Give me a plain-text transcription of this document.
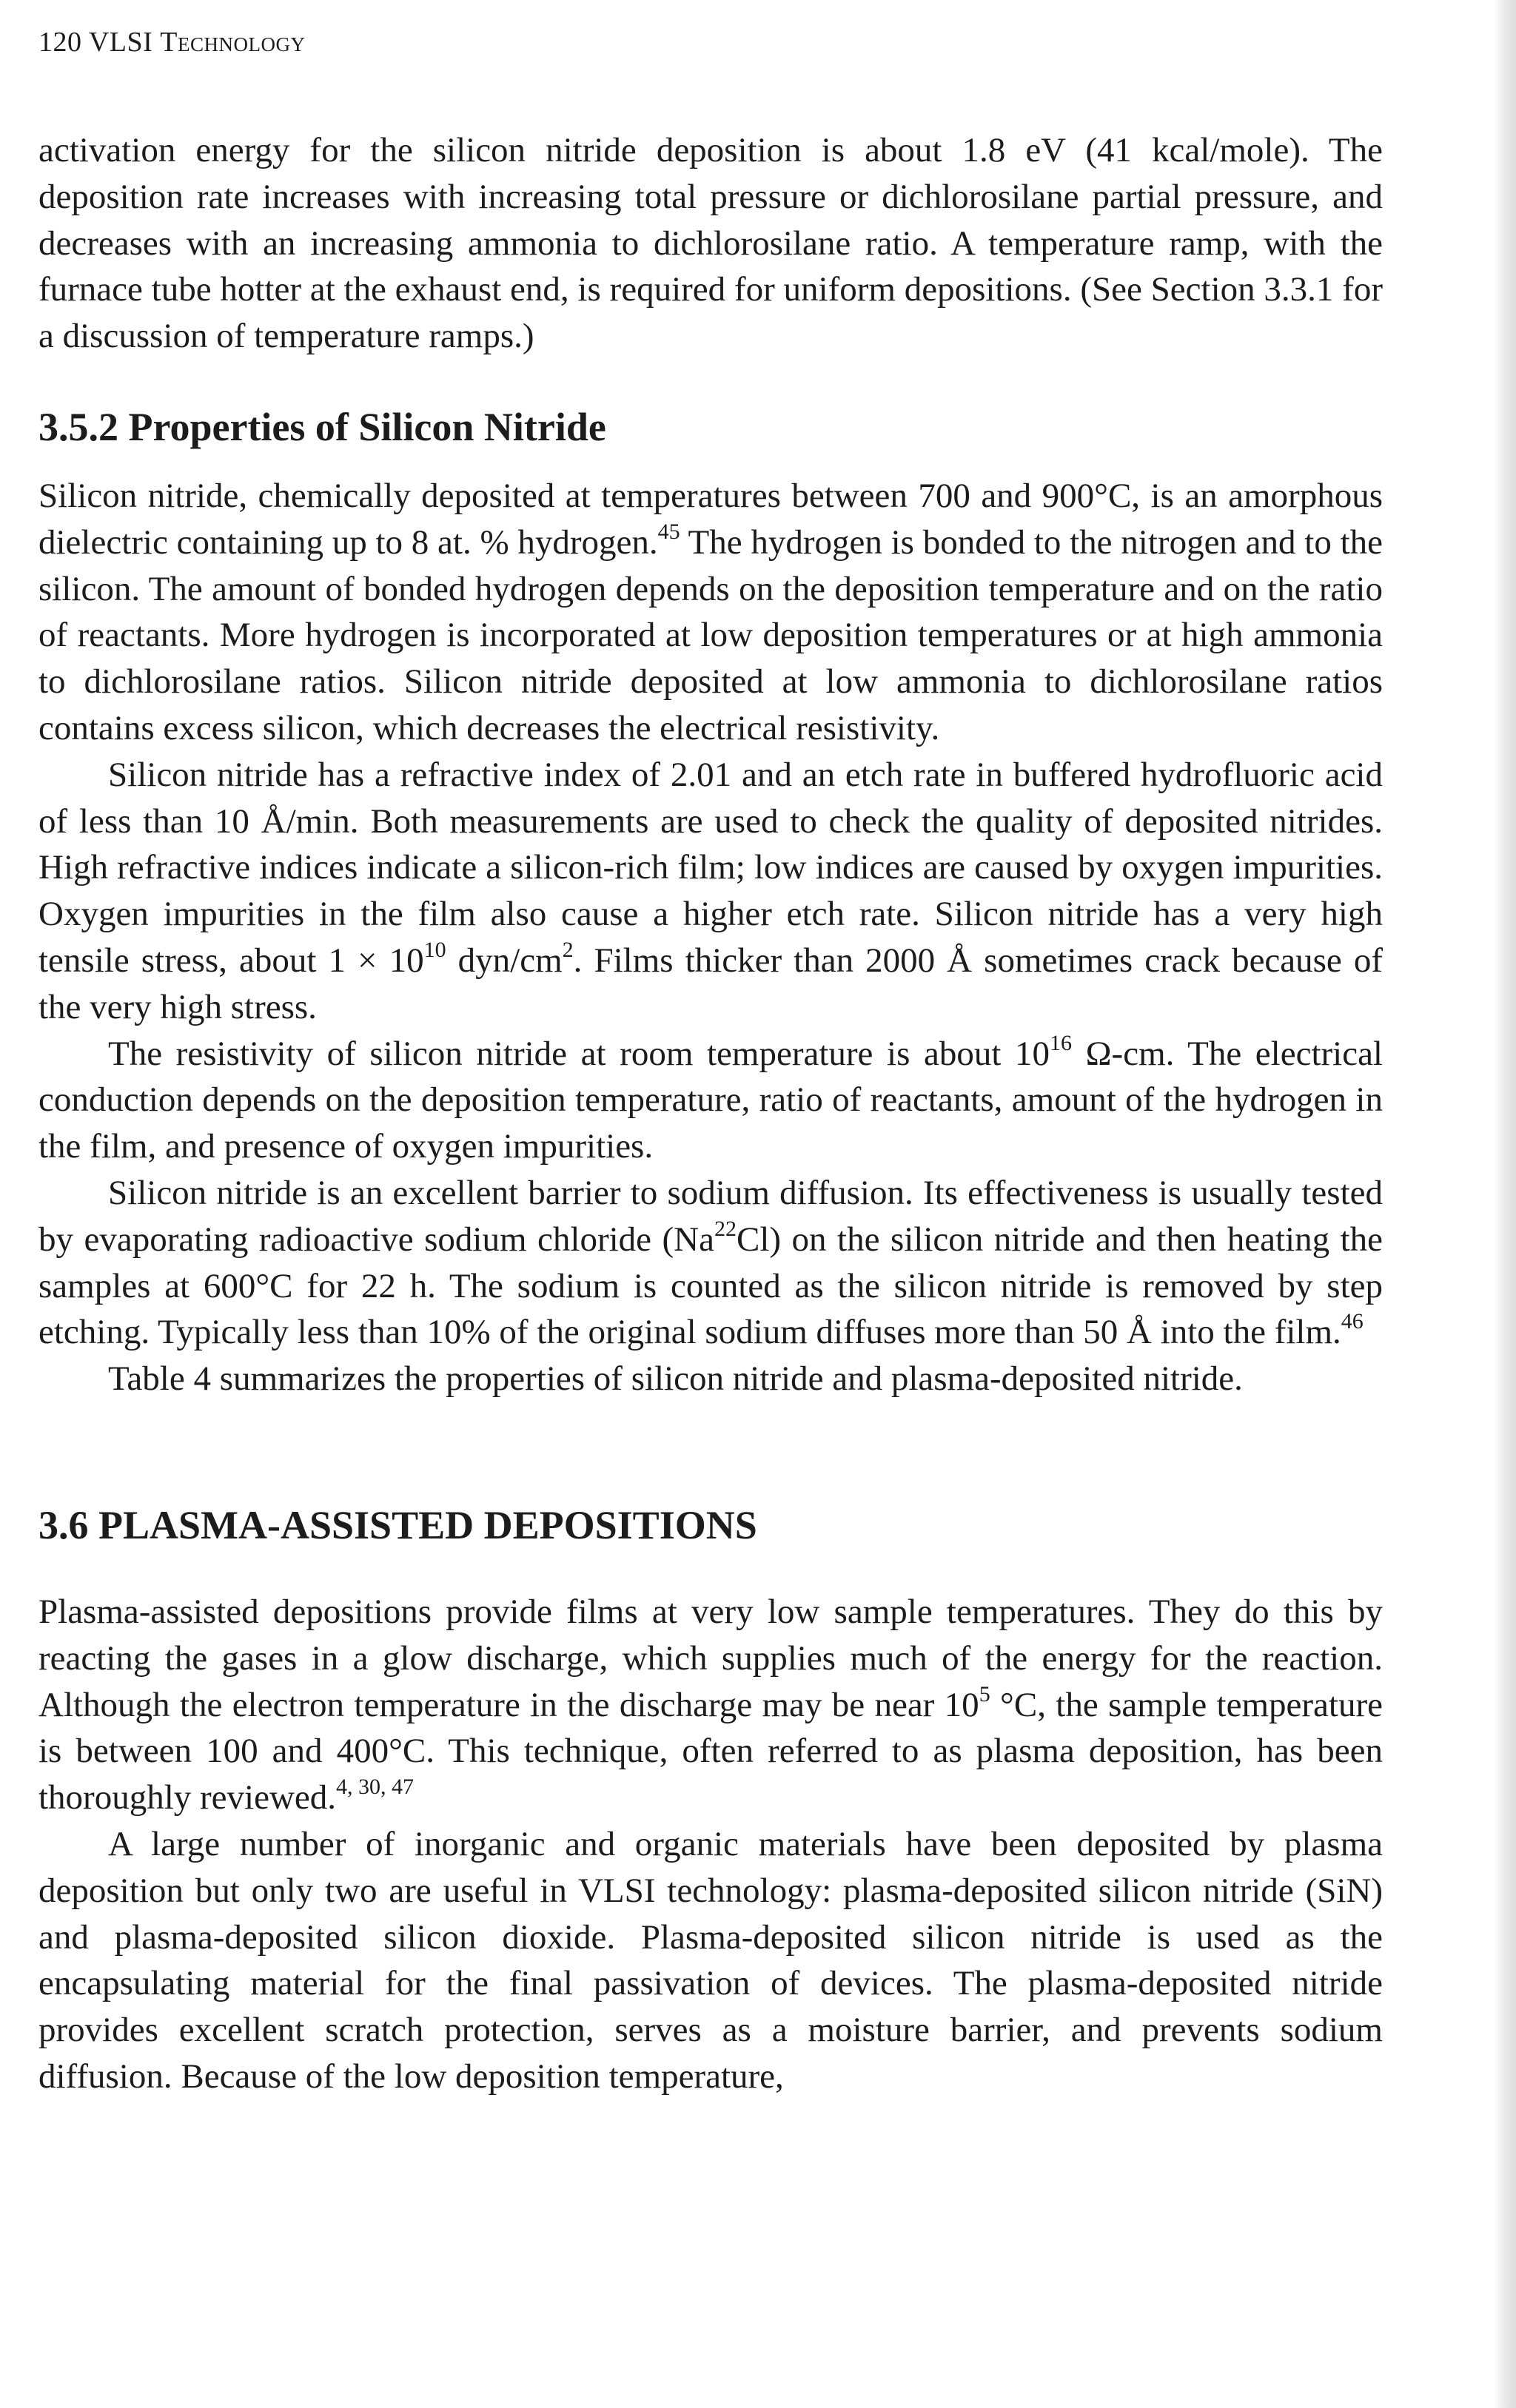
120 VLSI Technology

activation energy for the silicon nitride deposition is about 1.8 eV (41 kcal/mole). The deposition rate increases with increasing total pressure or dichlorosilane partial pressure, and decreases with an increasing ammonia to dichlorosilane ratio. A temperature ramp, with the furnace tube hotter at the exhaust end, is required for uniform depositions. (See Section 3.3.1 for a discussion of temperature ramps.)

3.5.2 Properties of Silicon Nitride

Silicon nitride, chemically deposited at temperatures between 700 and 900°C, is an amorphous dielectric containing up to 8 at. % hydrogen.$^{45}$ The hydrogen is bonded to the nitrogen and to the silicon. The amount of bonded hydrogen depends on the deposition temperature and on the ratio of reactants. More hydrogen is incorporated at low deposition temperatures or at high ammonia to dichlorosilane ratios. Silicon nitride deposited at low ammonia to dichlorosilane ratios contains excess silicon, which decreases the electrical resistivity.

Silicon nitride has a refractive index of 2.01 and an etch rate in buffered hydrofluoric acid of less than 10 Å/min. Both measurements are used to check the quality of deposited nitrides. High refractive indices indicate a silicon-rich film; low indices are caused by oxygen impurities. Oxygen impurities in the film also cause a higher etch rate. Silicon nitride has a very high tensile stress, about $1 \times 10^{10}$ dyn/$cm^2$. Films thicker than 2000 Å sometimes crack because of the very high stress.

The resistivity of silicon nitride at room temperature is about $10^{16}$ Ω-cm. The electrical conduction depends on the deposition temperature, ratio of reactants, amount of the hydrogen in the film, and presence of oxygen impurities.

Silicon nitride is an excellent barrier to sodium diffusion. Its effectiveness is usually tested by evaporating radioactive sodium chloride (Na$^{22}$Cl) on the silicon nitride and then heating the samples at 600°C for 22 h. The sodium is counted as the silicon nitride is removed by step etching. Typically less than 10% of the original sodium diffuses more than 50 Å into the film.$^{46}$

Table 4 summarizes the properties of silicon nitride and plasma-deposited nitride.

3.6 PLASMA-ASSISTED DEPOSITIONS

Plasma-assisted depositions provide films at very low sample temperatures. They do this by reacting the gases in a glow discharge, which supplies much of the energy for the reaction. Although the electron temperature in the discharge may be near $10^5$ °C, the sample temperature is between 100 and 400°C. This technique, often referred to as plasma deposition, has been thoroughly reviewed.$^{4, 30, 47}$

A large number of inorganic and organic materials have been deposited by plasma deposition but only two are useful in VLSI technology: plasma-deposited silicon nitride (SiN) and plasma-deposited silicon dioxide. Plasma-deposited silicon nitride is used as the encapsulating material for the final passivation of devices. The plasma-deposited nitride provides excellent scratch protection, serves as a moisture barrier, and prevents sodium diffusion. Because of the low deposition temperature,
